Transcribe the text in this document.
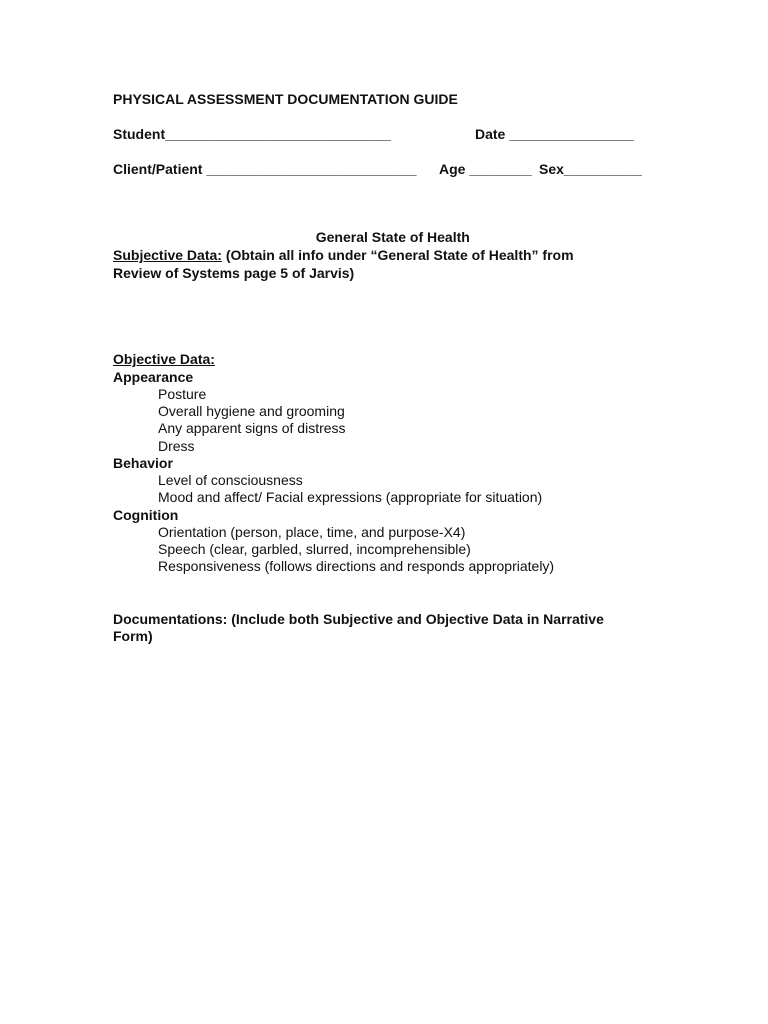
PHYSICAL ASSESSMENT DOCUMENTATION GUIDE
Student_____________________________	Date ________________
Client/Patient ___________________________ Age ________ Sex__________

General State of Health

Subjective Data: (Obtain all info under “General State of Health” from
Review of Systems page 5 of Jarvis)
Objective Data:
Appearance
Posture
Overall hygiene and grooming
Any apparent signs of distress
Dress
Behavior
Level of consciousness
Mood and affect/ Facial expressions (appropriate for situation)
Cognition
Orientation (person, place, time, and purpose-X4)
Speech (clear, garbled, slurred, incomprehensible)
Responsiveness (follows directions and responds appropriately)
Documentations: (Include both Subjective and Objective Data in Narrative
Form)
